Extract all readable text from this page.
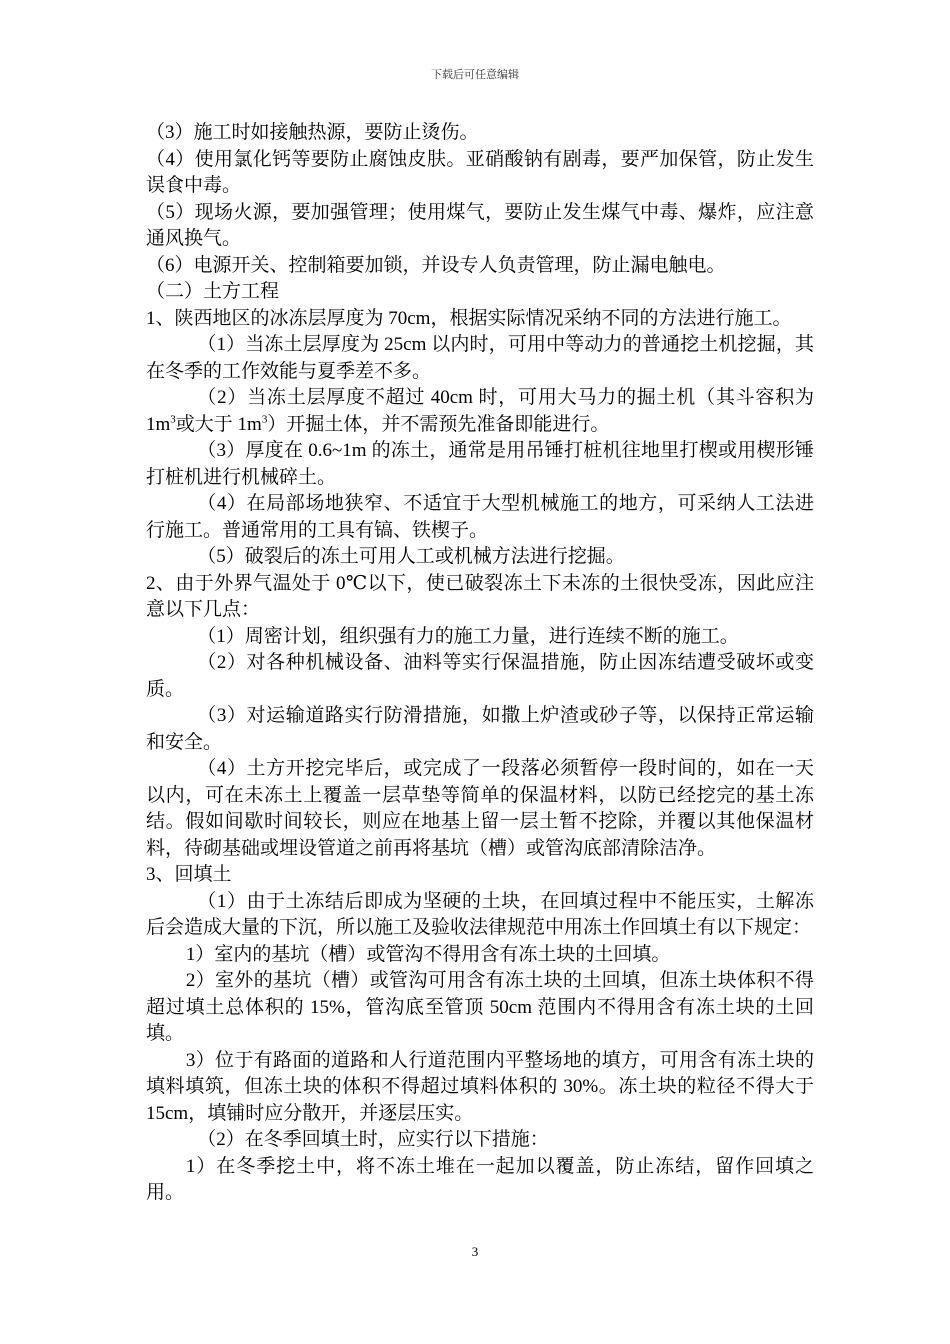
下载后可任意编辑

（3）施工时如接触热源，要防止烫伤。

（4）使用氯化钙等要防止腐蚀皮肤。亚硝酸钠有剧毒，要严加保管，防止发生误食中毒。

（5）现场火源，要加强管理；使用煤气，要防止发生煤气中毒、爆炸，应注意通风换气。

（6）电源开关、控制箱要加锁，并设专人负责管理，防止漏电触电。

（二）土方工程

1、陕西地区的冰冻层厚度为 70cm，根据实际情况采纳不同的方法进行施工。

（1）当冻土层厚度为 25cm 以内时，可用中等动力的普通挖土机挖掘，其在冬季的工作效能与夏季差不多。

（2）当冻土层厚度不超过 40cm 时，可用大马力的掘土机（其斗容积为 $1m^3$或大于 $1m^3$）开掘土体，并不需预先准备即能进行。

（3）厚度在 0.6~1m 的冻土，通常是用吊锤打桩机往地里打楔或用楔形锤打桩机进行机械碎土。

（4）在局部场地狭窄、不适宜于大型机械施工的地方，可采纳人工法进行施工。普通常用的工具有镐、铁楔子。

（5）破裂后的冻土可用人工或机械方法进行挖掘。

2、由于外界气温处于 0℃以下，使已破裂冻土下未冻的土很快受冻，因此应注意以下几点：

（1）周密计划，组织强有力的施工力量，进行连续不断的施工。

（2）对各种机械设备、油料等实行保温措施，防止因冻结遭受破坏或变质。

（3）对运输道路实行防滑措施，如撒上炉渣或砂子等，以保持正常运输和安全。

（4）土方开挖完毕后，或完成了一段落必须暂停一段时间的，如在一天以内，可在未冻土上覆盖一层草垫等简单的保温材料，以防已经挖完的基土冻结。假如间歇时间较长，则应在地基上留一层土暂不挖除，并覆以其他保温材料，待砌基础或埋设管道之前再将基坑（槽）或管沟底部清除洁净。

3、回填土

（1）由于土冻结后即成为坚硬的土块，在回填过程中不能压实，土解冻后会造成大量的下沉，所以施工及验收法律规范中用冻土作回填土有以下规定：

1）室内的基坑（槽）或管沟不得用含有冻土块的土回填。

2）室外的基坑（槽）或管沟可用含有冻土块的土回填，但冻土块体积不得超过填土总体积的 15%，管沟底至管顶 50cm 范围内不得用含有冻土块的土回填。

3）位于有路面的道路和人行道范围内平整场地的填方，可用含有冻土块的填料填筑，但冻土块的体积不得超过填料体积的 30%。冻土块的粒径不得大于 15cm，填铺时应分散开，并逐层压实。

（2）在冬季回填土时，应实行以下措施：

1）在冬季挖土中，将不冻土堆在一起加以覆盖，防止冻结，留作回填之用。

3
